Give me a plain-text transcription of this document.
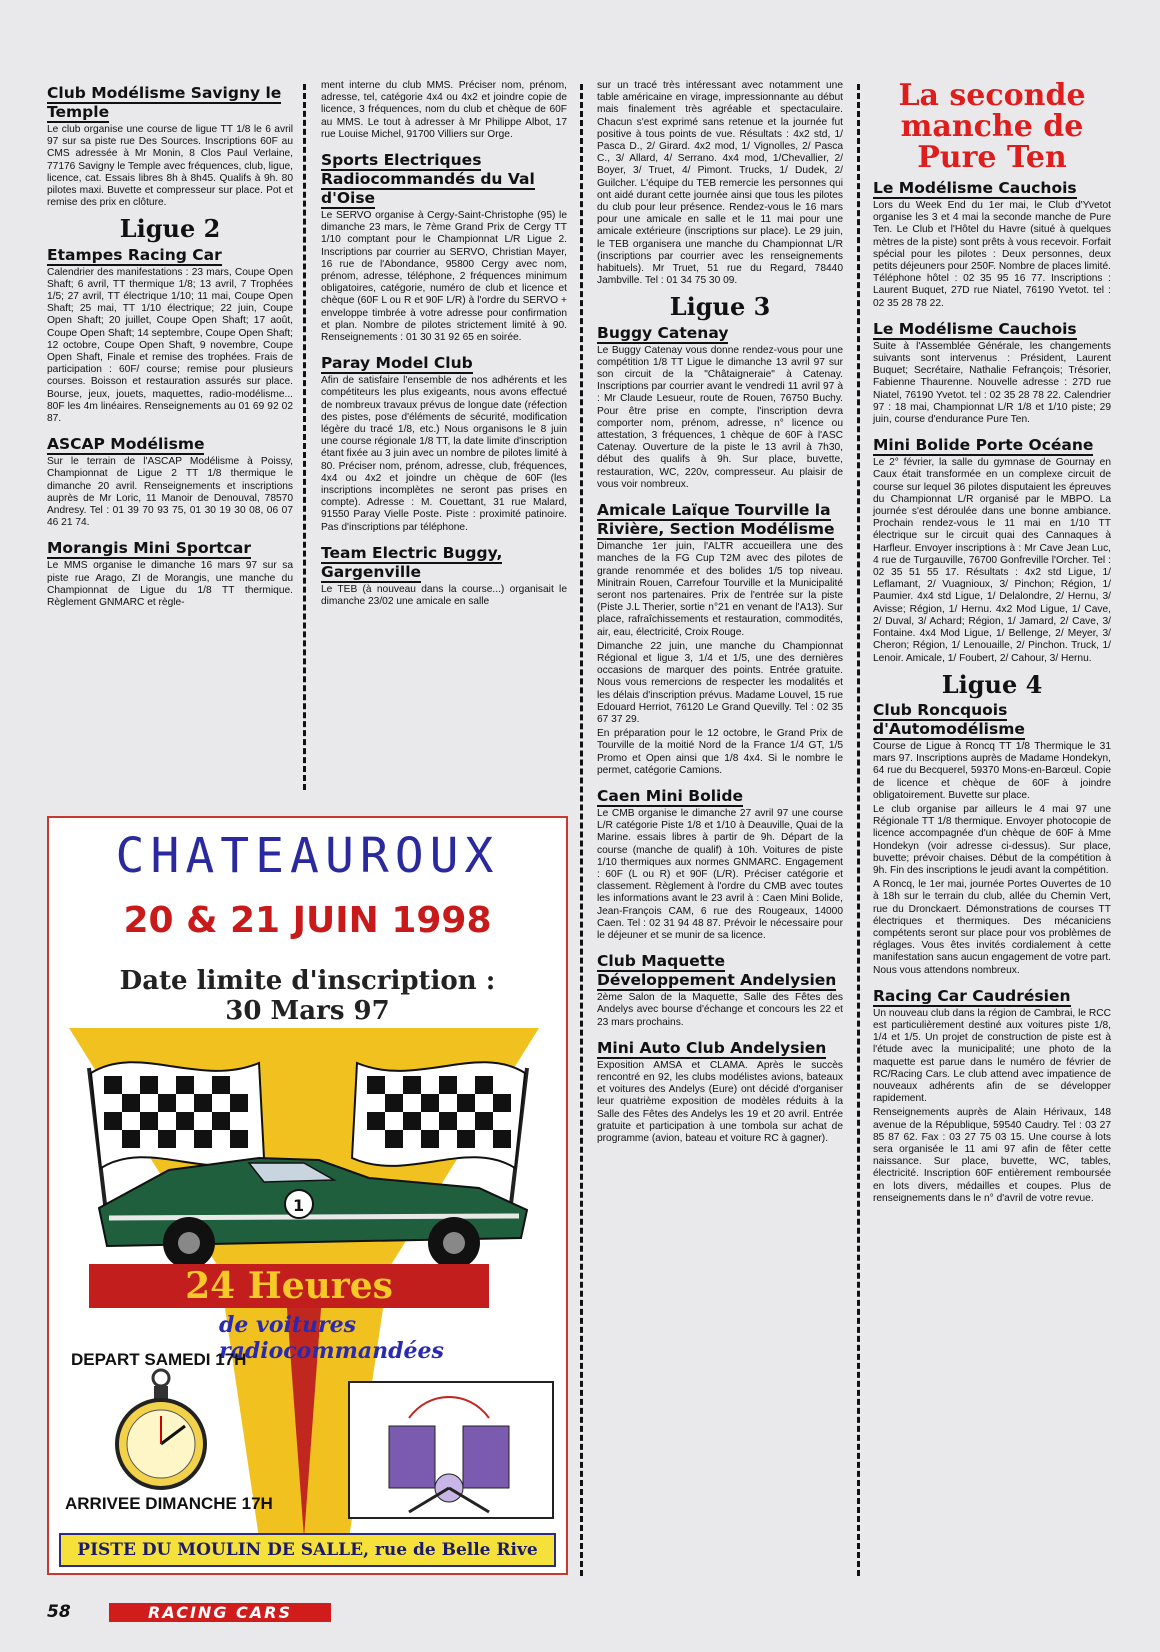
Club Modélisme Savigny le Temple

Le club organise une course de ligue TT 1/8 le 6 avril 97 sur sa piste rue Des Sources. Inscriptions 60F au CMS adressée à Mr Monin, 8 Clos Paul Verlaine, 77176 Savigny le Temple avec fréquences, club, ligue, licence, cat. Essais libres 8h à 8h45. Qualifs à 9h. 80 pilotes maxi. Buvette et compresseur sur place. Pot et remise des prix en clôture.

Ligue 2
Etampes Racing Car

Calendrier des manifestations : 23 mars, Coupe Open Shaft; 6 avril, TT thermique 1/8; 13 avril, 7 Trophées 1/5; 27 avril, TT électrique 1/10; 11 mai, Coupe Open Shaft; 25 mai, TT 1/10 électrique; 22 juin, Coupe Open Shaft; 20 juillet, Coupe Open Shaft; 17 août, Coupe Open Shaft; 14 septembre, Coupe Open Shaft; 12 octobre, Coupe Open Shaft, 9 novembre, Coupe Open Shaft, Finale et remise des trophées. Frais de participation : 60F/ course; remise pour plusieurs courses. Boisson et restauration assurés sur place. Bourse, jeux, jouets, maquettes, radio-modélisme... 80F les 4m linéaires. Renseignements au 01 69 92 02 87.

ASCAP Modélisme

Sur le terrain de l'ASCAP Modélisme à Poissy, Championnat de Ligue 2 TT 1/8 thermique le dimanche 20 avril. Renseignements et inscriptions auprès de Mr Loric, 11 Manoir de Denouval, 78570 Andresy. Tel : 01 39 70 93 75, 01 30 19 30 08, 06 07 46 21 74.

Morangis Mini Sportcar

Le MMS organise le dimanche 16 mars 97 sur sa piste rue Arago, ZI de Morangis, une manche du Championnat de Ligue du 1/8 TT thermique. Règlement GNMARC et règle-

ment interne du club MMS. Préciser nom, prénom, adresse, tel, catégorie 4x4 ou 4x2 et joindre copie de licence, 3 fréquences, nom du club et chèque de 60F au MMS. Le tout à adresser à Mr Philippe Albot, 17 rue Louise Michel, 91700 Villiers sur Orge.

Sports Electriques Radiocommandés du Val d'Oise

Le SERVO organise à Cergy-Saint-Christophe (95) le dimanche 23 mars, le 7ème Grand Prix de Cergy TT 1/10 comptant pour le Championnat L/R Ligue 2. Inscriptions par courrier au SERVO, Christian Mayer, 16 rue de l'Abondance, 95800 Cergy avec nom, prénom, adresse, téléphone, 2 fréquences minimum obligatoires, catégorie, numéro de club et licence et chèque (60F L ou R et 90F L/R) à l'ordre du SERVO + enveloppe timbrée à votre adresse pour confirmation et plan. Nombre de pilotes strictement limité à 90. Renseignements : 01 30 31 92 65 en soirée.

Paray Model Club

Afin de satisfaire l'ensemble de nos adhérents et les compétiteurs les plus exigeants, nous avons effectué de nombreux travaux prévus de longue date (réfection des pistes, pose d'éléments de sécurité, modification légère du tracé 1/8, etc.) Nous organisons le 8 juin une course régionale 1/8 TT, la date limite d'inscription étant fixée au 3 juin avec un nombre de pilotes limité à 80. Préciser nom, prénom, adresse, club, fréquences, 4x4 ou 4x2 et joindre un chèque de 60F (les inscriptions incomplètes ne seront pas prises en compte). Adresse : M. Couettant, 31 rue Malard, 91550 Paray Vielle Poste. Piste : proximité patinoire. Pas d'inscriptions par téléphone.

Team Electric Buggy, Gargenville

Le TEB (à nouveau dans la course...) organisait le dimanche 23/02 une amicale en salle

sur un tracé très intéressant avec notamment une table américaine en virage, impressionnante au début mais finalement très agréable et spectaculaire. Chacun s'est exprimé sans retenue et la journée fut positive à tous points de vue. Résultats : 4x2 std, 1/ Pasca D., 2/ Girard. 4x2 mod, 1/ Vignolles, 2/ Pasca C., 3/ Allard, 4/ Serrano. 4x4 mod, 1/Chevallier, 2/ Boyer, 3/ Truet, 4/ Pimont. Trucks, 1/ Dudek, 2/ Guilcher. L'équipe du TEB remercie les personnes qui ont aidé durant cette journée ainsi que tous les pilotes du club pour leur présence. Rendez-vous le 16 mars pour une amicale en salle et le 11 mai pour une amicale extérieure (inscriptions sur place). Le 29 juin, le TEB organisera une manche du Championnat L/R (inscriptions par courrier avec les renseignements habituels). Mr Truet, 51 rue du Regard, 78440 Jambville. Tel : 01 34 75 30 09.

Ligue 3
Buggy Catenay

Le Buggy Catenay vous donne rendez-vous pour une compétition 1/8 TT Ligue le dimanche 13 avril 97 sur son circuit de la "Châtaigneraie" à Catenay. Inscriptions par courrier avant le vendredi 11 avril 97 à : Mr Claude Lesueur, route de Rouen, 76750 Buchy. Pour être prise en compte, l'inscription devra comporter nom, prénom, adresse, n° licence ou attestation, 3 fréquences, 1 chèque de 60F à l'ASC Catenay. Ouverture de la piste le 13 avril à 7h30, début des qualifs à 9h. Sur place, buvette, restauration, WC, 220v, compresseur. Au plaisir de vous voir nombreux.

Amicale Laïque Tourville la Rivière, Section Modélisme

Dimanche 1er juin, l'ALTR accueillera une des manches de la FG Cup T2M avec des pilotes de grande renommée et des bolides 1/5 top niveau. Minitrain Rouen, Carrefour Tourville et la Municipalité seront nos partenaires. Prix de l'entrée sur la piste (Piste J.L Therier, sortie n°21 en venant de l'A13). Sur place, rafraîchissements et restauration, commodités, air, eau, électricité, Croix Rouge.

Dimanche 22 juin, une manche du Championnat Régional et ligue 3, 1/4 et 1/5, une des dernières occasions de marquer des points. Entrée gratuite. Nous vous remercions de respecter les modalités et les délais d'inscription prévus. Madame Louvel, 15 rue Edouard Herriot, 76120 Le Grand Quevilly. Tel : 02 35 67 37 29.

En préparation pour le 12 octobre, le Grand Prix de Tourville de la moitié Nord de la France 1/4 GT, 1/5 Promo et Open ainsi que 1/8 4x4. Si le nombre le permet, catégorie Camions.

Caen Mini Bolide

Le CMB organise le dimanche 27 avril 97 une course L/R catégorie Piste 1/8 et 1/10 à Deauville, Quai de la Marine. essais libres à partir de 9h. Départ de la course (manche de qualif) à 10h. Voitures de piste 1/10 thermiques aux normes GNMARC. Engagement : 60F (L ou R) et 90F (L/R). Préciser catégorie et classement. Règlement à l'ordre du CMB avec toutes les informations avant le 23 avril à : Caen Mini Bolide, Jean-François CAM, 6 rue des Rougeaux, 14000 Caen. Tel : 02 31 94 48 87. Prévoir le nécessaire pour le déjeuner et se munir de sa licence.

Club Maquette Développement Andelysien

2ème Salon de la Maquette, Salle des Fêtes des Andelys avec bourse d'échange et concours les 22 et 23 mars prochains.

Mini Auto Club Andelysien

Exposition AMSA et CLAMA. Après le succès rencontré en 92, les clubs modélistes avions, bateaux et voitures des Andelys (Eure) ont décidé d'organiser leur quatrième exposition de modèles réduits à la Salle des Fêtes des Andelys les 19 et 20 avril. Entrée gratuite et participation à une tombola sur achat de programme (avion, bateau et voiture RC à gagner).

La seconde manche de Pure Ten
Le Modélisme Cauchois

Lors du Week End du 1er mai, le Club d'Yvetot organise les 3 et 4 mai la seconde manche de Pure Ten. Le Club et l'Hôtel du Havre (situé à quelques mètres de la piste) sont prêts à vous recevoir. Forfait spécial pour les pilotes : Deux personnes, deux petits déjeuners pour 250F. Nombre de places limité. Téléphone hôtel : 02 35 95 16 77. Inscriptions : Laurent Buquet, 27D rue Niatel, 76190 Yvetot. tel : 02 35 28 78 22.

Le Modélisme Cauchois

Suite à l'Assemblée Générale, les changements suivants sont intervenus : Président, Laurent Buquet; Secrétaire, Nathalie Fefrançois; Trésorier, Fabienne Thaurenne. Nouvelle adresse : 27D rue Niatel, 76190 Yvetot. tel : 02 35 28 78 22. Calendrier 97 : 18 mai, Championnat L/R 1/8 et 1/10 piste; 29 juin, course d'endurance Pure Ten.

Mini Bolide Porte Océane

Le 2° février, la salle du gymnase de Gournay en Caux était transformée en un complexe circuit de course sur lequel 36 pilotes disputaient les épreuves du Championnat L/R organisé par le MBPO. La journée s'est déroulée dans une bonne ambiance. Prochain rendez-vous le 11 mai en 1/10 TT électrique sur le circuit quai des Cannaques à Harfleur. Envoyer inscriptions à : Mr Cave Jean Luc, 4 rue de Turgauville, 76700 Gonfreville l'Orcher. Tel : 02 35 51 55 17. Résultats : 4x2 std Ligue, 1/ Leflamant, 2/ Vuagnioux, 3/ Pinchon; Région, 1/ Paumier. 4x4 std Ligue, 1/ Delalondre, 2/ Hernu, 3/ Avisse; Région, 1/ Hernu. 4x2 Mod Ligue, 1/ Cave, 2/ Duval, 3/ Achard; Région, 1/ Jamard, 2/ Cave, 3/ Fontaine. 4x4 Mod Ligue, 1/ Bellenge, 2/ Meyer, 3/ Cheron; Région, 1/ Lenouaille, 2/ Pinchon. Truck, 1/ Lenoir. Amicale, 1/ Foubert, 2/ Cahour, 3/ Hernu.

Ligue 4
Club Roncquois d'Automodélisme

Course de Ligue à Roncq TT 1/8 Thermique le 31 mars 97. Inscriptions auprès de Madame Hondekyn, 64 rue du Becquerel, 59370 Mons-en-Barœul. Copie de licence et chèque de 60F à joindre obligatoirement. Buvette sur place.

Le club organise par ailleurs le 4 mai 97 une Régionale TT 1/8 thermique. Envoyer photocopie de licence accompagnée d'un chèque de 60F à Mme Hondekyn (voir adresse ci-dessus). Sur place, buvette; prévoir chaises. Début de la compétition à 9h. Fin des inscriptions le jeudi avant la compétition.

A Roncq, le 1er mai, journée Portes Ouvertes de 10 à 18h sur le terrain du club, allée du Chemin Vert, rue du Dronckaert. Démonstrations de courses TT électriques et thermiques. Des mécaniciens compétents seront sur place pour vos problèmes de réglages. Vous êtes invités cordialement à cette manifestation sans aucun engagement de votre part. Nous vous attendons nombreux.

Racing Car Caudrésien

Un nouveau club dans la région de Cambrai, le RCC est particulièrement destiné aux voitures piste 1/8, 1/4 et 1/5. Un projet de construction de piste est à l'étude avec la municipalité; une photo de la maquette est parue dans le numéro de février de RC/Racing Cars. Le club attend avec impatience de nouveaux adhérents afin de se développer rapidement.

Renseignements auprès de Alain Hérivaux, 148 avenue de la République, 59540 Caudry. Tel : 03 27 85 87 62. Fax : 03 27 75 03 15. Une course à lots sera organisée le 11 ami 97 afin de fêter cette naissance. Sur place, buvette, WC, tables, électricité. Inscription 60F entièrement remboursée en lots divers, médailles et coupes. Plus de renseignements dans le n° d'avril de votre revue.

CHATEAUROUX
20 & 21 JUIN 1998
Date limite d'inscription :
30 Mars 97
1
24 Heures
de voitures radiocommandées
DEPART SAMEDI 17H
ARRIVEE DIMANCHE 17H
PISTE DU MOULIN DE SALLE, rue de Belle Rive
58	RACING CARS
